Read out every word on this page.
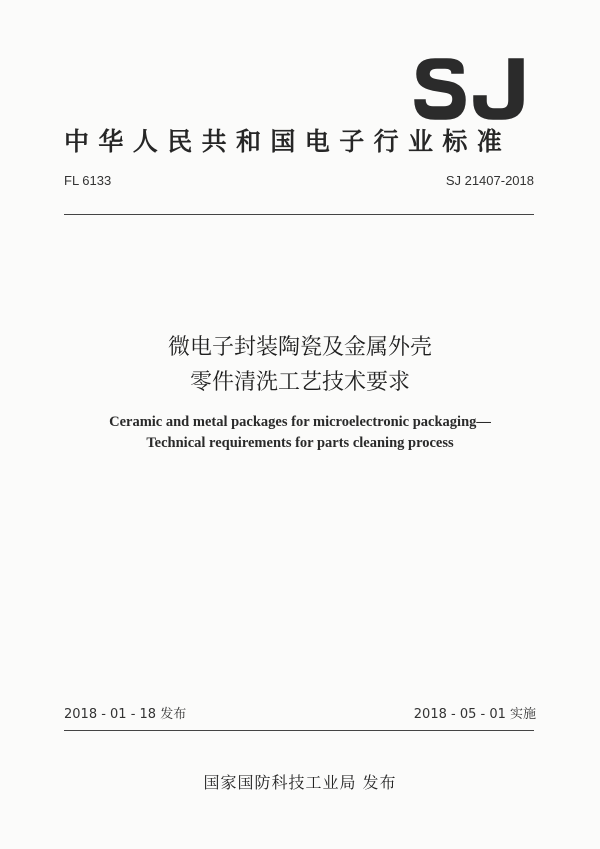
中华人民共和国电子行业标准
FL 6133	SJ 21407-2018
微电子封装陶瓷及金属外壳
零件清洗工艺技术要求
Ceramic and metal packages for microelectronic packaging—
Technical requirements for parts cleaning process
2018 - 01 - 18 发布	2018 - 05 - 01 实施
国家国防科技工业局 发布
